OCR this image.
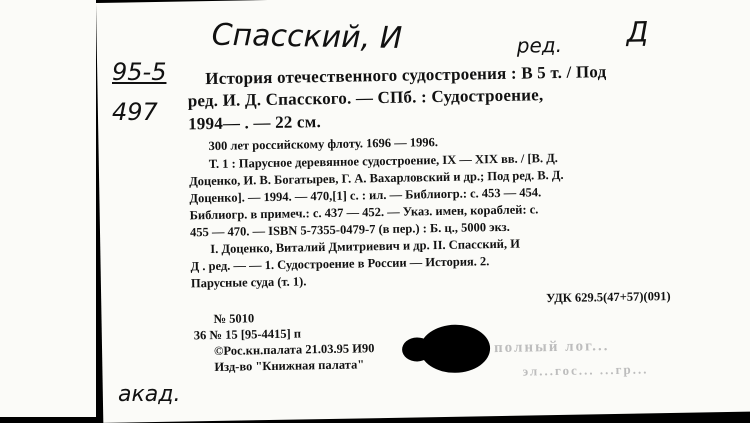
Спасский, И	ред. Д
История отечественного судостроения : В 5 т. / Под
ред. И. Д. Спасского. — СПб. : Судостроение,
1994— . — 22 см.
300 лет российскому флоту. 1696 — 1996.
Т. 1 : Парусное деревянное судостроение, IX — XIX вв. / [В. Д.
Доценко, И. В. Богатырев, Г. А. Вахарловский и др.; Под ред. В. Д.
Доценко]. — 1994. — 470,[1] с. : ил. — Библиогр.: с. 453 — 454.
Библиогр. в примеч.: с. 437 — 452. — Указ. имен, кораблей: с.
455 — 470. — ISBN 5-7355-0479-7 (в пер.) : Б. ц., 5000 экз.
I. Доценко, Виталий Дмитриевич и др. II. Спасский, И
Д . ред. — — 1. Судостроение в России — История. 2.
Парусные суда (т. 1).
УДК 629.5(47+57)(091)
№ 5010
36 № 15 [95-4415] п
©Рос.кн.палата 21.03.95 И90
Изд-во "Книжная палата"
полный лог...
эл...гос... ...гр...
95-5
497
акад.
